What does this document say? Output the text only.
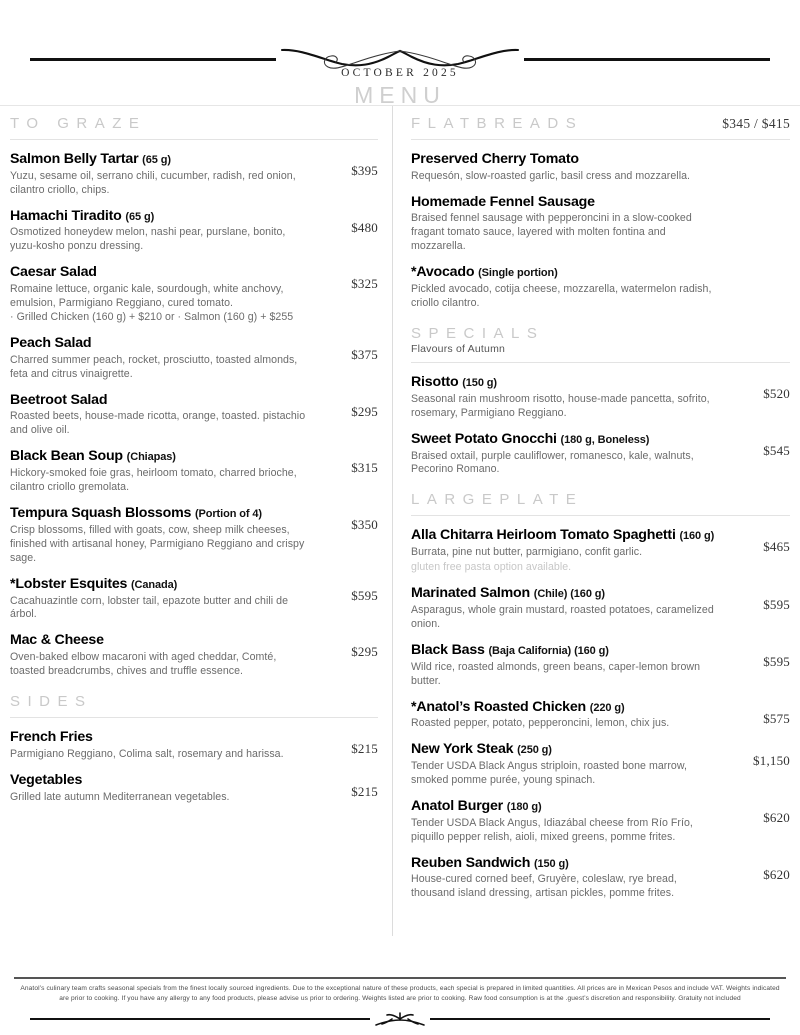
OCTOBER 2025
MENU
TO GRAZE
Salmon Belly Tartar (65 g)
Yuzu, sesame oil, serrano chili, cucumber, radish, red onion, cilantro criollo, chips.
$395
Hamachi Tiradito (65 g)
Osmotized honeydew melon, nashi pear, purslane, bonito, yuzu-kosho ponzu dressing.
$480
Caesar Salad
Romaine lettuce, organic kale, sourdough, white anchovy, emulsion, Parmigiano Reggiano, cured tomato.
· Grilled Chicken (160 g) + $210 or · Salmon (160 g) + $255
$325
Peach Salad
Charred summer peach, rocket, prosciutto, toasted almonds, feta and citrus vinaigrette.
$375
Beetroot Salad
Roasted beets, house-made ricotta, orange, toasted. pistachio and olive oil.
$295
Black Bean Soup (Chiapas)
Hickory-smoked foie gras, heirloom tomato, charred brioche, cilantro criollo gremolata.
$315
Tempura Squash Blossoms (Portion of 4)
Crisp blossoms, filled with goats, cow, sheep milk cheeses, finished with artisanal honey, Parmigiano Reggiano and crispy sage.
$350
*Lobster Esquites (Canada)
Cacahuazintle corn, lobster tail, epazote butter and chili de árbol.
$595
Mac & Cheese
Oven-baked elbow macaroni with aged cheddar, Comté, toasted breadcrumbs, chives and truffle essence.
$295
SIDES
French Fries
Parmigiano Reggiano, Colima salt, rosemary and harissa.	$215
Vegetables
Grilled late autumn Mediterranean vegetables.	$215
FLATBREADS	$345 / $415
Preserved Cherry Tomato
Requesón, slow-roasted garlic, basil cress and mozzarella.
Homemade Fennel Sausage
Braised fennel sausage with pepperoncini in a slow-cooked fragant tomato sauce, layered with molten fontina and mozzarella.
*Avocado (Single portion)
Pickled avocado, cotija cheese, mozzarella, watermelon radish, criollo cilantro.
SPECIALS
Flavours of Autumn
Risotto (150 g)
Seasonal rain mushroom risotto, house-made pancetta, sofrito, rosemary, Parmigiano Reggiano.
$520
Sweet Potato Gnocchi (180 g, Boneless)
Braised oxtail, purple cauliflower, romanesco, kale, walnuts, Pecorino Romano.
$545
LARGEPLATE
Alla Chitarra Heirloom Tomato Spaghetti (160 g)
Burrata, pine nut butter, parmigiano, confit garlic.
gluten free pasta option available.
$465
Marinated Salmon (Chile) (160 g)
Asparagus, whole grain mustard, roasted potatoes, caramelized onion.
$595
Black Bass (Baja California) (160 g)
Wild rice, roasted almonds, green beans, caper-lemon brown butter.
$595
*Anatol’s Roasted Chicken (220 g)
Roasted pepper, potato, pepperoncini, lemon, chix jus.	$575
New York Steak (250 g)
Tender USDA Black Angus striploin, roasted bone marrow, smoked pomme purée, young spinach.
$1,150
Anatol Burger (180 g)
Tender USDA Black Angus, Idiazábal cheese from Río Frío, piquillo pepper relish, aioli, mixed greens, pomme frites.
$620
Reuben Sandwich (150 g)
House-cured corned beef, Gruyère, coleslaw, rye bread, thousand island dressing, artisan pickles, pomme frites.
$620
Anatol’s culinary team crafts seasonal specials from the finest locally sourced ingredients. Due to the exceptional nature of these products, each special is prepared in limited quantities. All prices are in Mexican Pesos and include VAT. Weights indicated are prior to cooking. If you have any allergy to any food products, please advise us prior to ordering. Weights listed are prior to cooking. Raw food consumption is at the .guest’s discretion and responsibility. Gratuity not included
